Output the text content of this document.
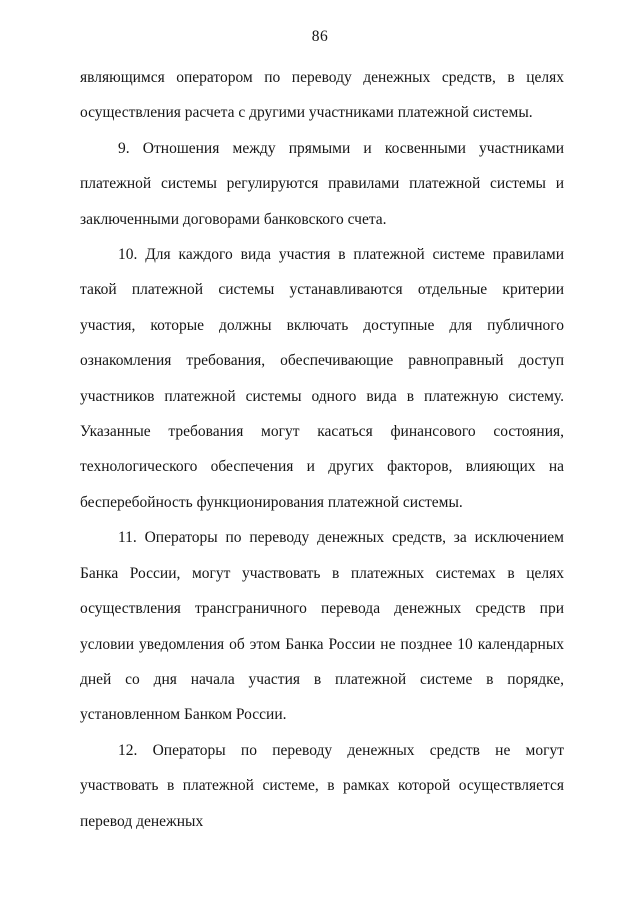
86

являющимся оператором по переводу денежных средств, в целях осуществления расчета с другими участниками платежной системы.

9. Отношения между прямыми и косвенными участниками платежной системы регулируются правилами платежной системы и заключенными договорами банковского счета.

10. Для каждого вида участия в платежной системе правилами такой платежной системы устанавливаются отдельные критерии участия, которые должны включать доступные для публичного ознакомления требования, обеспечивающие равноправный доступ участников платежной системы одного вида в платежную систему. Указанные требования могут касаться финансового состояния, технологического обеспечения и других факторов, влияющих на бесперебойность функционирования платежной системы.

11. Операторы по переводу денежных средств, за исключением Банка России, могут участвовать в платежных системах в целях осуществления трансграничного перевода денежных средств при условии уведомления об этом Банка России не позднее 10 календарных дней со дня начала участия в платежной системе в порядке, установленном Банком России.

12. Операторы по переводу денежных средств не могут участвовать в платежной системе, в рамках которой осуществляется перевод денежных
